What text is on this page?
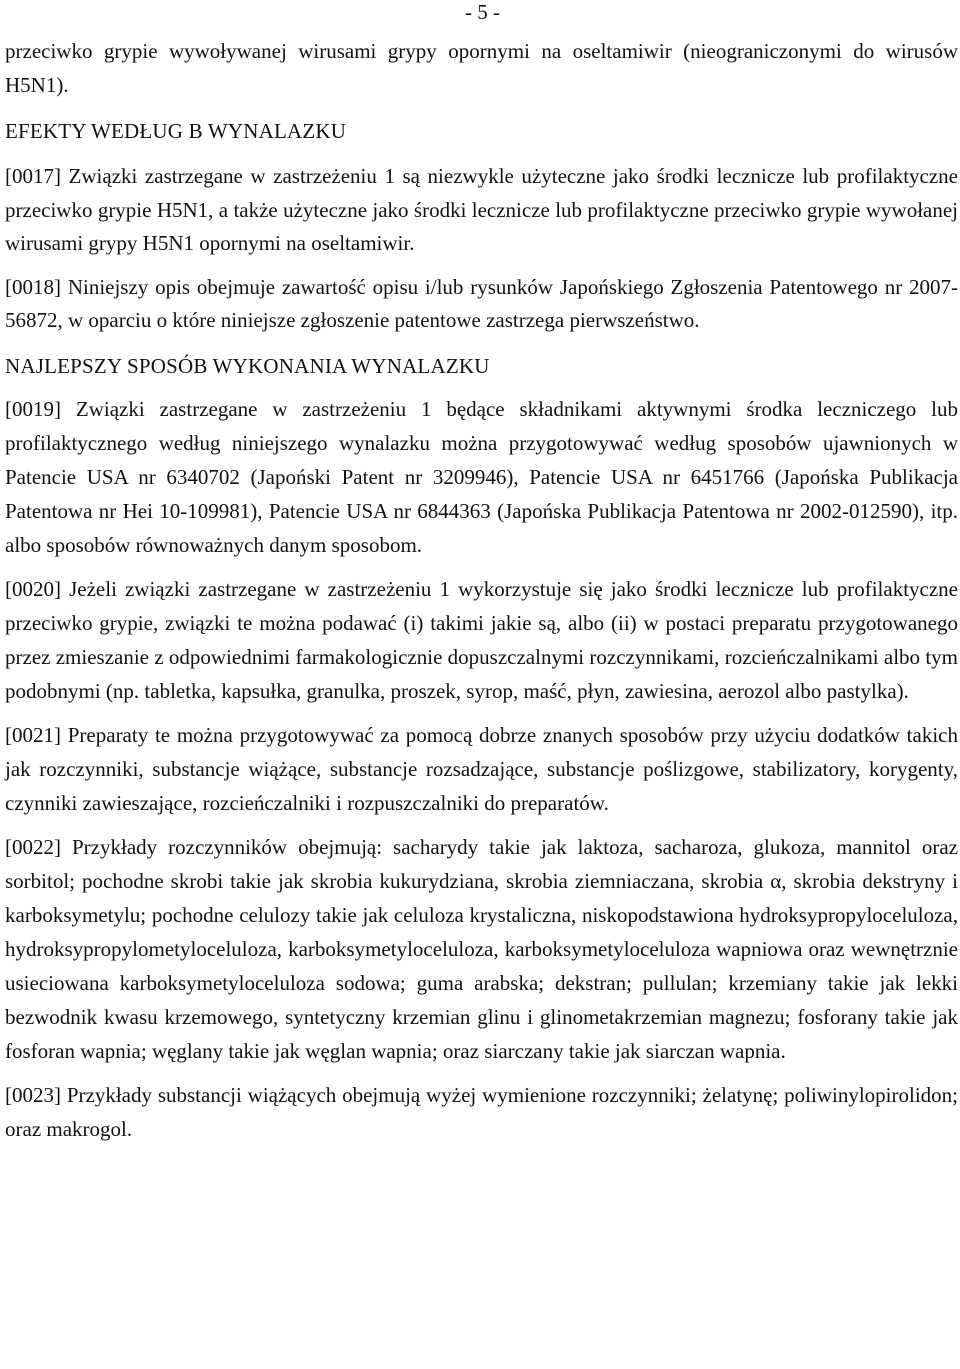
- 5 -

przeciwko grypie wywoływanej wirusami grypy opornymi na oseltamiwir (nieograniczonymi do wirusów H5N1).

EFEKTY WEDŁUG B WYNALAZKU

[0017] Związki zastrzegane w zastrzeżeniu 1 są niezwykle użyteczne jako środki lecznicze lub profilaktyczne przeciwko grypie H5N1, a także użyteczne jako środki lecznicze lub profilaktyczne przeciwko grypie wywołanej wirusami grypy H5N1 opornymi na oseltamiwir.

[0018] Niniejszy opis obejmuje zawartość opisu i/lub rysunków Japońskiego Zgłoszenia Patentowego nr 2007-56872, w oparciu o które niniejsze zgłoszenie patentowe zastrzega pierwszeństwo.

NAJLEPSZY SPOSÓB WYKONANIA WYNALAZKU

[0019] Związki zastrzegane w zastrzeżeniu 1 będące składnikami aktywnymi środka leczniczego lub profilaktycznego według niniejszego wynalazku można przygotowywać według sposobów ujawnionych w Patencie USA nr 6340702 (Japoński Patent nr 3209946), Patencie USA nr 6451766 (Japońska Publikacja Patentowa nr Hei 10-109981), Patencie USA nr 6844363 (Japońska Publikacja Patentowa nr 2002-012590), itp. albo sposobów równoważnych danym sposobom.

[0020] Jeżeli związki zastrzegane w zastrzeżeniu 1 wykorzystuje się jako środki lecznicze lub profilaktyczne przeciwko grypie, związki te można podawać (i) takimi jakie są, albo (ii) w postaci preparatu przygotowanego przez zmieszanie z odpowiednimi farmakologicznie dopuszczalnymi rozczynnikami, rozcieńczalnikami albo tym podobnymi (np. tabletka, kapsułka, granulka, proszek, syrop, maść, płyn, zawiesina, aerozol albo pastylka).

[0021] Preparaty te można przygotowywać za pomocą dobrze znanych sposobów przy użyciu dodatków takich jak rozczynniki, substancje wiążące, substancje rozsadzające, substancje poślizgowe, stabilizatory, korygenty, czynniki zawieszające, rozcieńczalniki i rozpuszczalniki do preparatów.

[0022] Przykłady rozczynników obejmują: sacharydy takie jak laktoza, sacharoza, glukoza, mannitol oraz sorbitol; pochodne skrobi takie jak skrobia kukurydziana, skrobia ziemniaczana, skrobia α, skrobia dekstryny i karboksymetylu; pochodne celulozy takie jak celuloza krystaliczna, niskopodstawiona hydroksypropyloceluloza, hydroksypropylometyloceluloza, karboksymetyloceluloza, karboksymetyloceluloza wapniowa oraz wewnętrznie usieciowana karboksymetyloceluloza sodowa; guma arabska; dekstran; pullulan; krzemiany takie jak lekki bezwodnik kwasu krzemowego, syntetyczny krzemian glinu i glinometakrzemian magnezu; fosforany takie jak fosforan wapnia; węglany takie jak węglan wapnia; oraz siarczany takie jak siarczan wapnia.

[0023] Przykłady substancji wiążących obejmują wyżej wymienione rozczynniki; żelatynę; poliwinylopirolidon; oraz makrogol.
